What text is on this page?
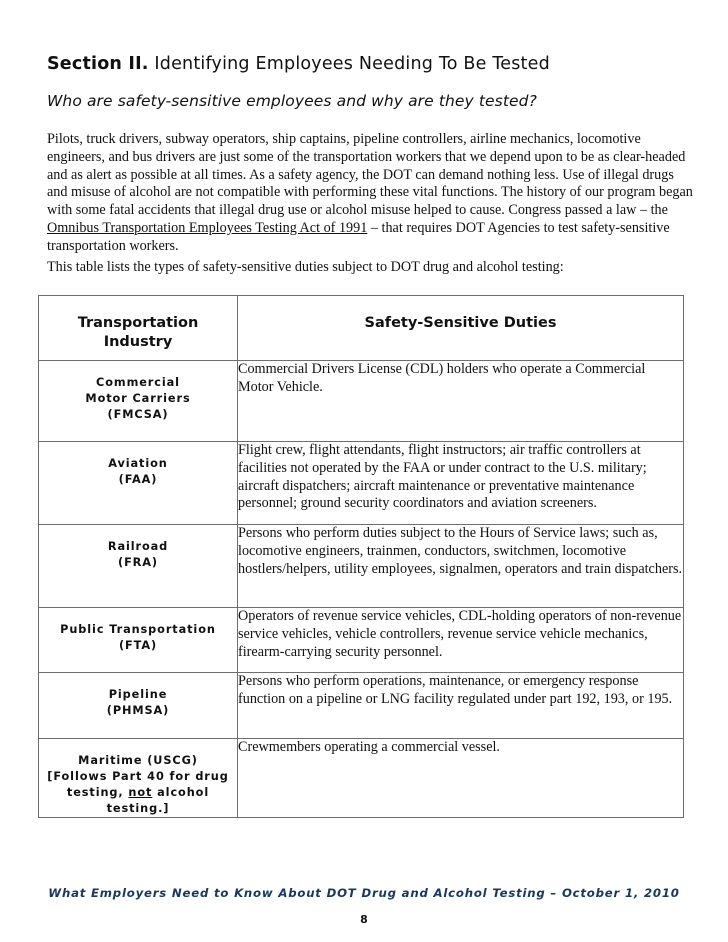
Section II. Identifying Employees Needing To Be Tested
Who are safety-sensitive employees and why are they tested?

Pilots, truck drivers, subway operators, ship captains, pipeline controllers, airline mechanics, locomotive engineers, and bus drivers are just some of the transportation workers that we depend upon to be as clear-headed and as alert as possible at all times. As a safety agency, the DOT can demand nothing less. Use of illegal drugs and misuse of alcohol are not compatible with performing these vital functions. The history of our program began with some fatal accidents that illegal drug use or alcohol misuse helped to cause. Congress passed a law – the Omnibus Transportation Employees Testing Act of 1991 – that requires DOT Agencies to test safety-sensitive transportation workers.

This table lists the types of safety-sensitive duties subject to DOT drug and alcohol testing:

Transportation
Industry	Safety-Sensitive Duties

Commercial
Motor Carriers
(FMCSA)	Commercial Drivers License (CDL) holders who operate a Commercial Motor Vehicle.
Aviation
(FAA)	Flight crew, flight attendants, flight instructors; air traffic controllers at facilities not operated by the FAA or under contract to the U.S. military; aircraft dispatchers; aircraft maintenance or preventative maintenance personnel; ground security coordinators and aviation screeners.
Railroad
(FRA)	Persons who perform duties subject to the Hours of Service laws; such as, locomotive engineers, trainmen, conductors, switchmen, locomotive hostlers/helpers, utility employees, signalmen, operators and train dispatchers.
Public Transportation
(FTA)	Operators of revenue service vehicles, CDL-holding operators of non-revenue service vehicles, vehicle controllers, revenue service vehicle mechanics, firearm-carrying security personnel.
Pipeline
(PHMSA)	Persons who perform operations, maintenance, or emergency response function on a pipeline or LNG facility regulated under part 192, 193, or 195.
Maritime (USCG)
[Follows Part 40 for drug
testing, not alcohol testing.]	Crewmembers operating a commercial vessel.
What Employers Need to Know About DOT Drug and Alcohol Testing – October 1, 2010
8
